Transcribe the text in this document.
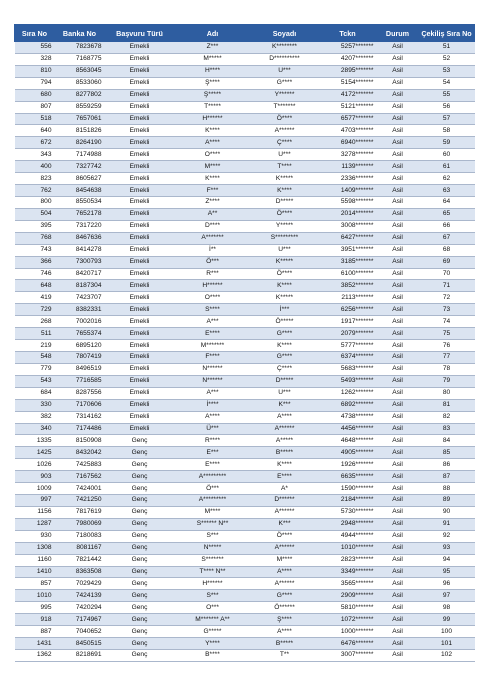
Sıra No	Banka No	Başvuru Türü	Adı	Soyadı	Tckn	Durum	Çekiliş Sıra No
556	7823678	Emekli	Z***	K********	5257*******	Asil	51
328	7168775	Emekli	M*****	D**********	4207*******	Asil	52
810	8563045	Emekli	H****	U***	2895*******	Asil	53
794	8533060	Emekli	Ş****	G****	5154*******	Asil	54
680	8277802	Emekli	Ş*****	Y******	4172*******	Asil	55
807	8559259	Emekli	T*****	T*******	5121*******	Asil	56
518	7657061	Emekli	H******	Ö****	6577*******	Asil	57
640	8151826	Emekli	K****	A******	4703*******	Asil	58
672	8264190	Emekli	A****	Ç****	6940*******	Asil	59
343	7174988	Emekli	O****	U***	3278*******	Asil	60
400	7327742	Emekli	M****	T****	1139*******	Asil	61
823	8605627	Emekli	K****	K*****	2336*******	Asil	62
762	8454638	Emekli	F***	K****	1409*******	Asil	63
800	8550534	Emekli	Z****	D*****	5598*******	Asil	64
504	7652178	Emekli	A**	Ö****	2014*******	Asil	65
395	7317220	Emekli	D****	Y*****	3008*******	Asil	66
768	8467636	Emekli	A*******	S*********	6427*******	Asil	67
743	8414278	Emekli	İ**	U***	3951*******	Asil	68
366	7300793	Emekli	Ö***	K*****	3185*******	Asil	69
746	8420717	Emekli	R***	Ö****	6100*******	Asil	70
648	8187304	Emekli	H******	K****	3852*******	Asil	71
419	7423707	Emekli	O****	K*****	2113*******	Asil	72
729	8382331	Emekli	S****	İ***	6256*******	Asil	73
268	7002016	Emekli	A***	Ö*****	1917*******	Asil	74
511	7655374	Emekli	E****	G****	2079*******	Asil	75
219	6895120	Emekli	M*******	K****	5777*******	Asil	76
548	7807419	Emekli	F****	G****	6374*******	Asil	77
779	8496519	Emekli	N******	Ç****	5683*******	Asil	78
543	7716585	Emekli	N******	D*****	5493*******	Asil	79
684	8287556	Emekli	A***	U***	1262*******	Asil	80
330	7170606	Emekli	İ****	K***	6892*******	Asil	81
382	7314162	Emekli	A****	A****	4738*******	Asil	82
340	7174486	Emekli	Ü***	A******	4456*******	Asil	83
1335	8150908	Genç	R****	A*****	4648*******	Asil	84
1425	8432042	Genç	E***	B*****	4905*******	Asil	85
1026	7425883	Genç	E****	K****	1926*******	Asil	86
903	7167562	Genç	A*********	E****	6635*******	Asil	87
1009	7424001	Genç	Ö***	A*	1590*******	Asil	88
997	7421250	Genç	A*********	D******	2184*******	Asil	89
1156	7817619	Genç	M****	A******	5730*******	Asil	90
1287	7980069	Genç	S****** N**	K***	2948*******	Asil	91
930	7180083	Genç	S***	Ö****	4944*******	Asil	92
1308	8081167	Genç	N*****	A******	1010*******	Asil	93
1160	7821442	Genç	S*******	M****	2823*******	Asil	94
1410	8363508	Genç	T**** N**	A****	3349*******	Asil	95
857	7029429	Genç	H******	A******	3565*******	Asil	96
1010	7424139	Genç	S***	G****	2909*******	Asil	97
995	7420294	Genç	O***	Ö******	5810*******	Asil	98
918	7174967	Genç	M******* A**	Ş****	1072*******	Asil	99
887	7040652	Genç	G*****	A****	1000*******	Asil	100
1431	8450515	Genç	Y****	B*****	6476*******	Asil	101
1362	8218691	Genç	B****	T**	3007*******	Asil	102
